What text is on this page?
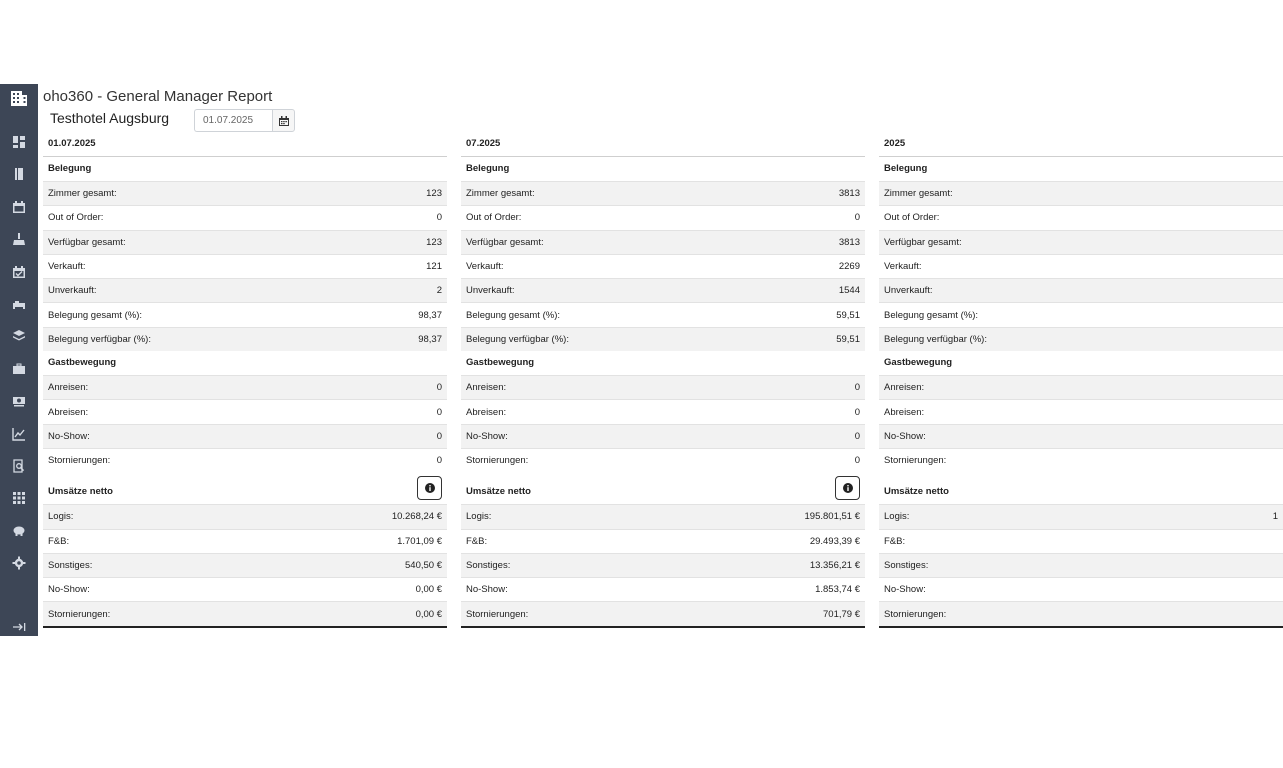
oho360 - General Manager Report
Testhotel Augsburg
01.07.2025
01.07.2025
Belegung
Zimmer gesamt:	123
Out of Order:	0
Verfügbar gesamt:	123
Verkauft:	121
Unverkauft:	2
Belegung gesamt (%):	98,37
Belegung verfügbar (%):	98,37
Gastbewegung
Anreisen:	0
Abreisen:	0
No-Show:	0
Stornierungen:	0
Umsätze netto
Logis:	10.268,24 €
F&B:	1.701,09 €
Sonstiges:	540,50 €
No-Show:	0,00 €
Stornierungen:	0,00 €
07.2025
Belegung
Zimmer gesamt:	3813
Out of Order:	0
Verfügbar gesamt:	3813
Verkauft:	2269
Unverkauft:	1544
Belegung gesamt (%):	59,51
Belegung verfügbar (%):	59,51
Gastbewegung
Anreisen:	0
Abreisen:	0
No-Show:	0
Stornierungen:	0
Umsätze netto
Logis:	195.801,51 €
F&B:	29.493,39 €
Sonstiges:	13.356,21 €
No-Show:	1.853,74 €
Stornierungen:	701,79 €
2025
Belegung
Zimmer gesamt:
Out of Order:
Verfügbar gesamt:
Verkauft:
Unverkauft:
Belegung gesamt (%):
Belegung verfügbar (%):
Gastbewegung
Anreisen:
Abreisen:
No-Show:
Stornierungen:
Umsätze netto
Logis:	1
F&B:
Sonstiges:
No-Show:
Stornierungen:
